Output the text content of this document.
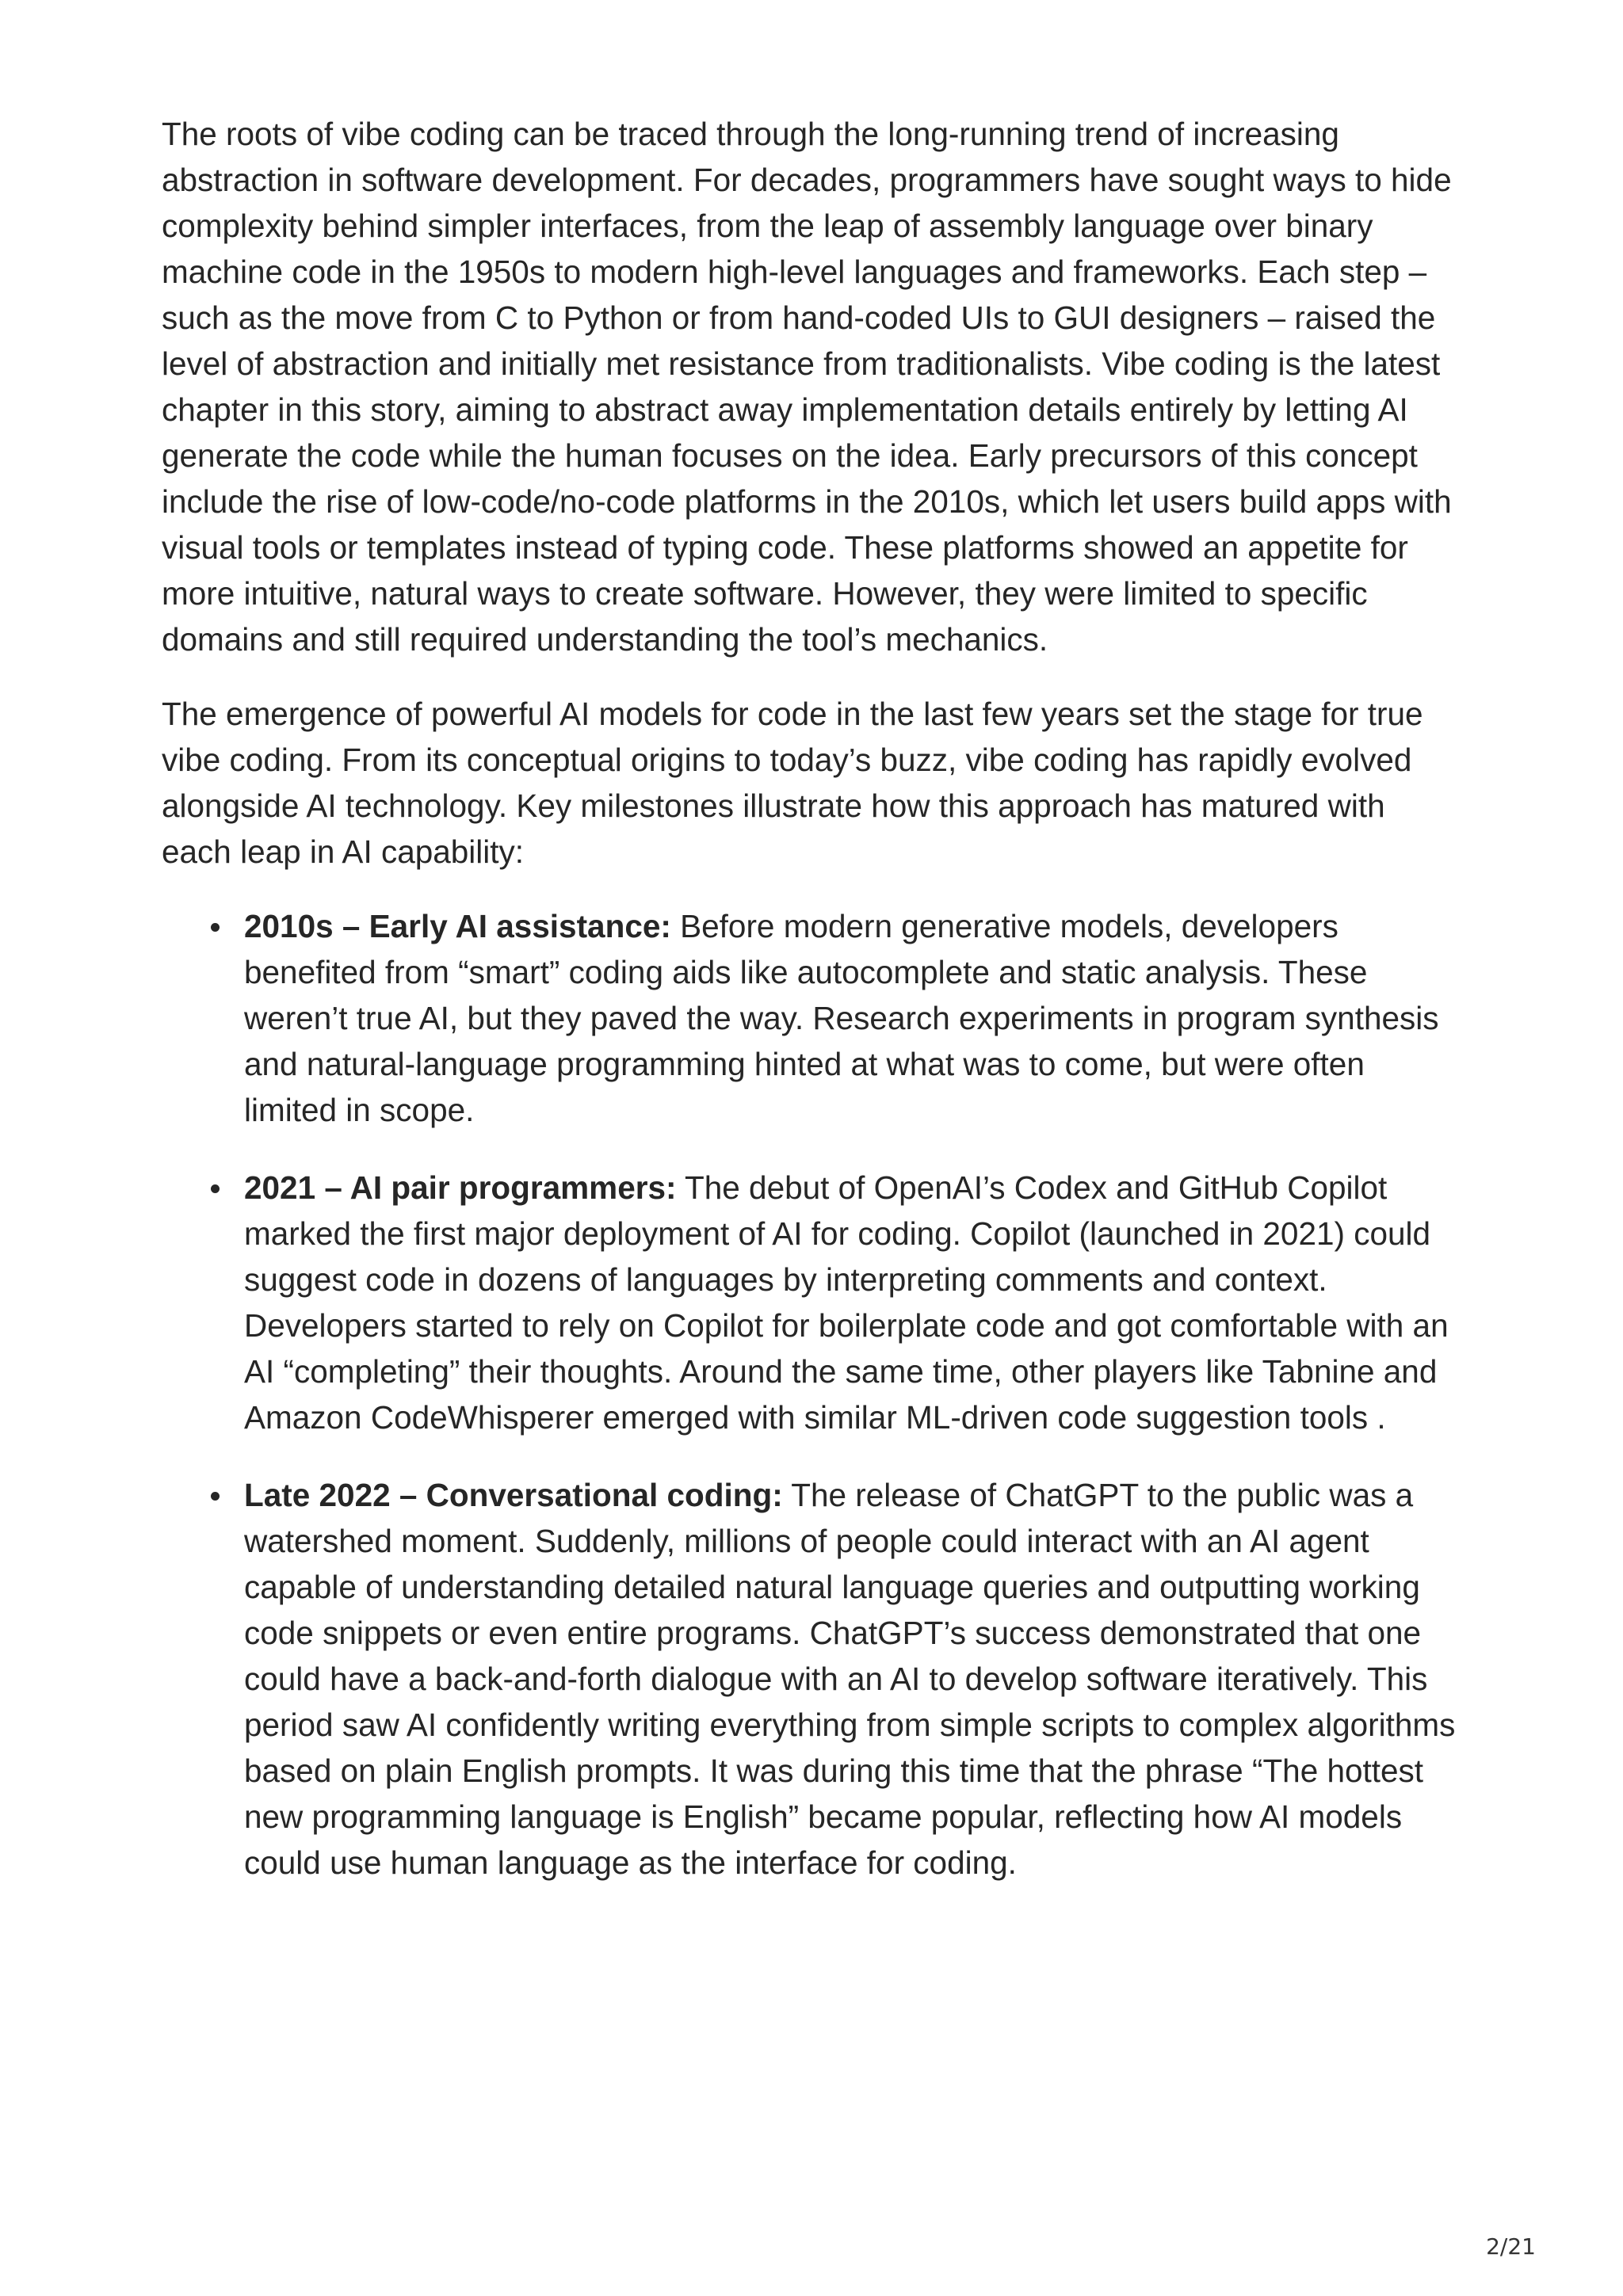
The roots of vibe coding can be traced through the long-running trend of increasing abstraction in software development. For decades, programmers have sought ways to hide complexity behind simpler interfaces, from the leap of assembly language over binary machine code in the 1950s to modern high-level languages and frameworks. Each step – such as the move from C to Python or from hand-coded UIs to GUI designers – raised the level of abstraction and initially met resistance from traditionalists. Vibe coding is the latest chapter in this story, aiming to abstract away implementation details entirely by letting AI generate the code while the human focuses on the idea. Early precursors of this concept include the rise of low-code/no-code platforms in the 2010s, which let users build apps with visual tools or templates instead of typing code. These platforms showed an appetite for more intuitive, natural ways to create software. However, they were limited to specific domains and still required understanding the tool’s mechanics.

The emergence of powerful AI models for code in the last few years set the stage for true vibe coding. From its conceptual origins to today’s buzz, vibe coding has rapidly evolved alongside AI technology. Key milestones illustrate how this approach has matured with each leap in AI capability:

2010s – Early AI assistance: Before modern generative models, developers benefited from “smart” coding aids like autocomplete and static analysis. These weren’t true AI, but they paved the way. Research experiments in program synthesis and natural-language programming hinted at what was to come, but were often limited in scope.
2021 – AI pair programmers: The debut of OpenAI’s Codex and GitHub Copilot marked the first major deployment of AI for coding. Copilot (launched in 2021) could suggest code in dozens of languages by interpreting comments and context. Developers started to rely on Copilot for boilerplate code and got comfortable with an AI “completing” their thoughts. Around the same time, other players like Tabnine and Amazon CodeWhisperer emerged with similar ML-driven code suggestion tools .
Late 2022 – Conversational coding: The release of ChatGPT to the public was a watershed moment. Suddenly, millions of people could interact with an AI agent capable of understanding detailed natural language queries and outputting working code snippets or even entire programs. ChatGPT’s success demonstrated that one could have a back-and-forth dialogue with an AI to develop software iteratively. This period saw AI confidently writing everything from simple scripts to complex algorithms based on plain English prompts. It was during this time that the phrase “The hottest new programming language is English” became popular, reflecting how AI models could use human language as the interface for coding.
2/21
